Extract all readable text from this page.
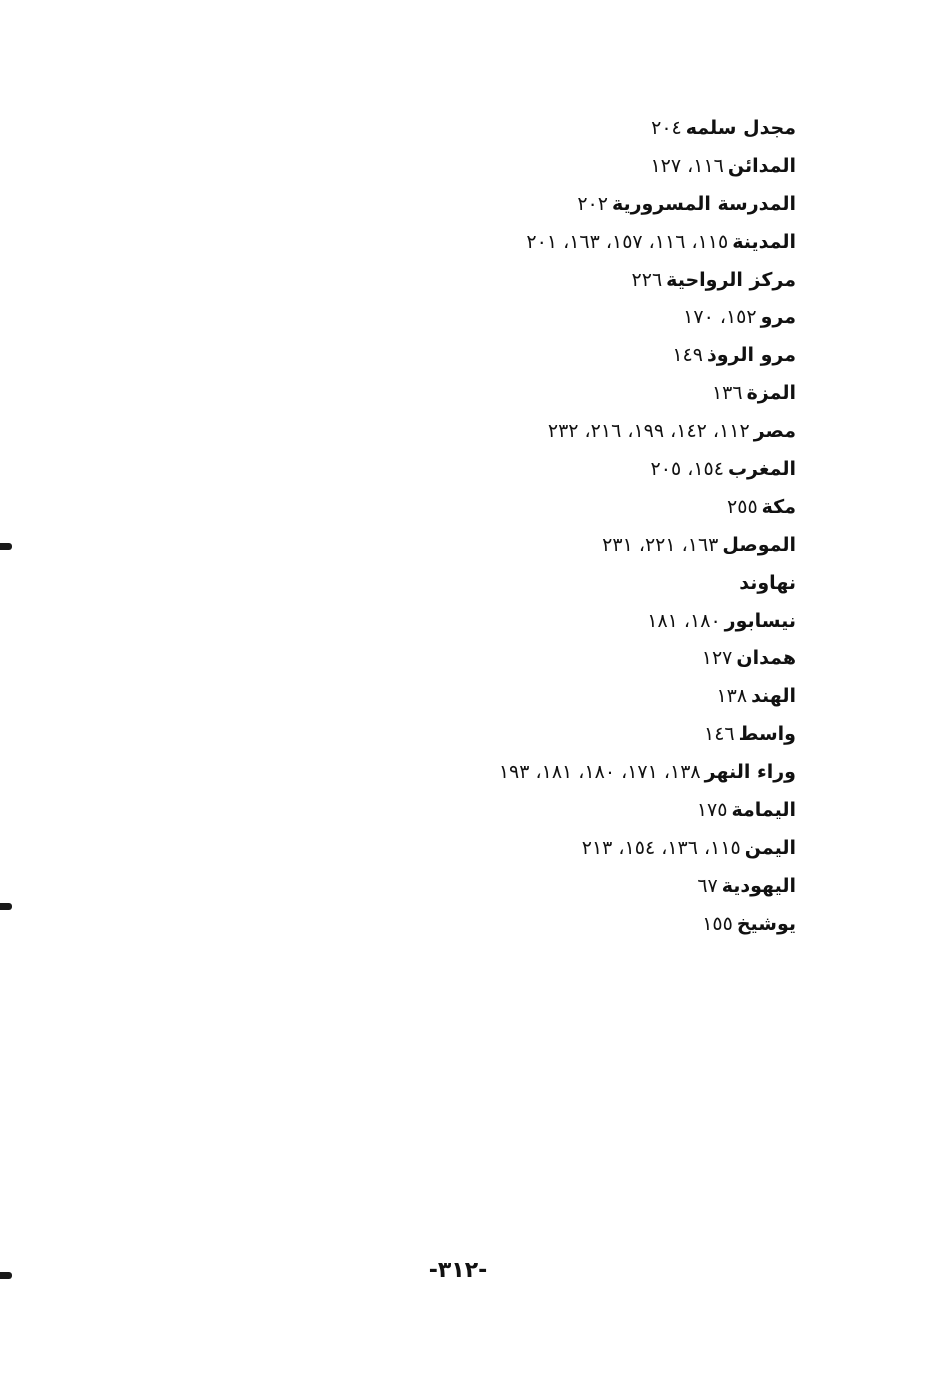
مجدل سلمه٢٠٤
المدائن١١٦، ١٢٧
المدرسة المسرورية٢٠٢
المدينة١١٥، ١١٦، ١٥٧، ١٦٣، ٢٠١
مركز الرواحية٢٢٦
مرو١٥٢، ١٧٠
مرو الروذ١٤٩
المزة١٣٦
مصر١١٢، ١٤٢، ١٩٩، ٢١٦، ٢٣٢
المغرب١٥٤، ٢٠٥
مكة٢٥٥
الموصل١٦٣، ٢٢١، ٢٣١
نهاوند
نيسابور١٨٠، ١٨١
همدان١٢٧
الهند١٣٨
واسط١٤٦
وراء النهر١٣٨، ١٧١، ١٨٠، ١٨١، ١٩٣
اليمامة١٧٥
اليمن١١٥، ١٣٦، ١٥٤، ٢١٣
اليهودية٦٧
يوشيخ١٥٥
-٣١٢-
